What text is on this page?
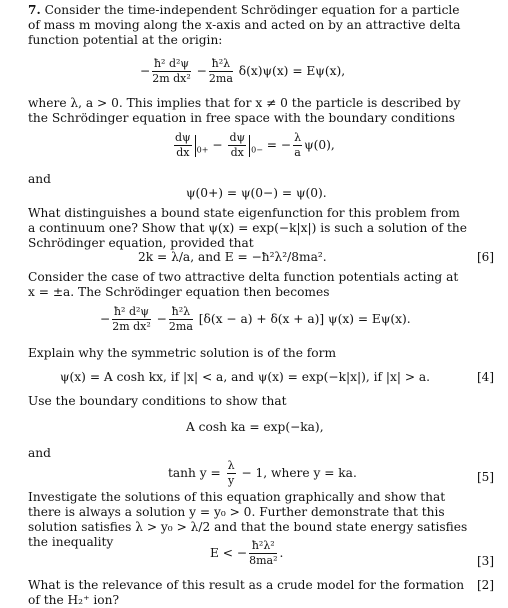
7. Consider the time-independent Schrödinger equation for a particle of mass m moving along the x-axis and acted on by an attractive delta function potential at the origin:
− $\frac{\text{ħ² d²ψ}}{\text{2m dx²}} - \frac{\text{ħ²λ}}{2ma} \delta(x)\psi(x) = E\psi(x)$,
where λ, a > 0. This implies that for x ≠ 0 the particle is described by the Schrödinger equation in free space with the boundary conditions
$\frac{d\psi}{dx} _{0+} - \frac{d\psi}{dx} _{0-}$ = − $\frac{\lambda}{a} \psi(0)$,
and
ψ(0+) = ψ(0−) = ψ(0).
What distinguishes a bound state eigenfunction for this problem from a continuum one? Show that ψ(x) = exp(−k|x|) is such a solution of the Schrödinger equation, provided that
2k = λ/a, and E = −ħ²λ²/8ma².	[6]
Consider the case of two attractive delta function potentials acting at x = ±a. The Schrödinger equation then becomes
− $\frac{\text{ħ² d²ψ}}{\text{2m dx²}} - \frac{\text{ħ²λ}}{2ma} [\delta(x - a) + \delta(x + a)] \psi(x) = E\psi(x)$.
Explain why the symmetric solution is of the form
ψ(x) = A cosh kx, if |x| < a, and ψ(x) = exp(−k|x|), if |x| > a.	[4]
Use the boundary conditions to show that
A cosh ka = exp(−ka),
and
$\tanh y = \frac{\lambda}{y} - 1$, where y = ka.	[5]
Investigate the solutions of this equation graphically and show that there is always a solution y = y₀ > 0. Further demonstrate that this solution satisfies λ > y₀ > λ/2 and that the bound state energy satisfies the inequality
E < − $\frac{\text{ħ²λ²}}{\text{8ma²}}$ .
[3]
What is the relevance of this result as a crude model for the formation of the H₂⁺ ion?
[2]
